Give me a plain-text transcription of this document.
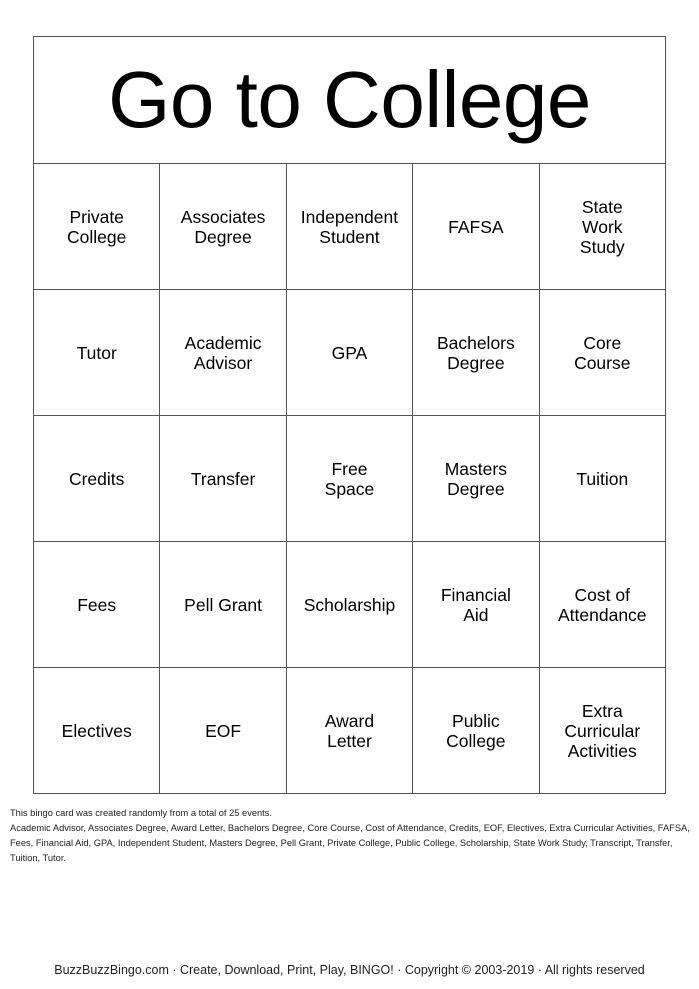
Go to College				
Private College	Associates Degree	Independent Student	FAFSA	State Work Study
Tutor	Academic Advisor	GPA	Bachelors Degree	Core Course
Credits	Transfer	Free Space	Masters Degree	Tuition
Fees	Pell Grant	Scholarship	Financial Aid	Cost of Attendance
Electives	EOF	Award Letter	Public College	Extra Curricular Activities

This bingo card was created randomly from a total of 25 events.

Academic Advisor, Associates Degree, Award Letter, Bachelors Degree, Core Course, Cost of Attendance, Credits, EOF, Electives, Extra Curricular Activities, FAFSA, Fees, Financial Aid, GPA, Independent Student, Masters Degree, Pell Grant, Private College, Public College, Scholarship, State Work Study, Transcript, Transfer, Tuition, Tutor.

BuzzBuzzBingo.com · Create, Download, Print, Play, BINGO! · Copyright © 2003-2019 · All rights reserved
